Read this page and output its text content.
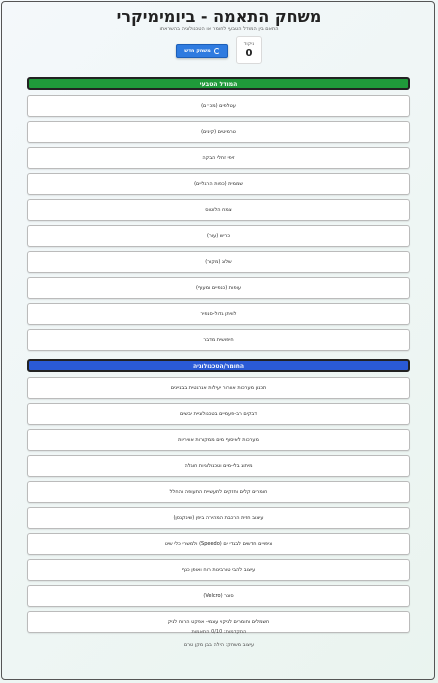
משחק התאמה - ביומימיקרי
התאם בין המודל הטבעי לחומר או הטכנולוגיה בהשראתו
ניקוד
0
משחק חדש
המודל הטבעי
עטלפים (מכ״ם)
טרמיטים (קינים)
זיפי זחלי הבקה
שממית (כפות הרגליים)
צמח הלוטוס
כריש (עור)
שלוג (מקור)
עופות (כנפיים ומעוף)
לוויתן גדול-סנפיר
חיפושית מדבר
החומר/הטכנולוגיה
תכנון מערכות אוורור יעילות אנרגטית בבניינים
דבקים רב-פעמיים בטכנולוגיית יבשים
מערכות לאיסוף מים ממקורות אוויריות
מיתוג בלי-מים וטכנולוגיות חוגלה
חומרים קלים וחזקים לתעשיית התעופה והחלל
עיצוב חזית הרכבת המהירה ביפן (שינקנסן)
ציפויים חדשים לבגדי ים (Speedo) ולמשרי כלי שיט
עיצוב להבי טורבינות רוח ואופן כנף
סונר (Velcro)
חשמלים וחומרים לניקוי עצמי- אפקט הרוח לניק
התקדמות: 0/10 התאמות
עיצוב משחק: הילה בבן מקן טרם
